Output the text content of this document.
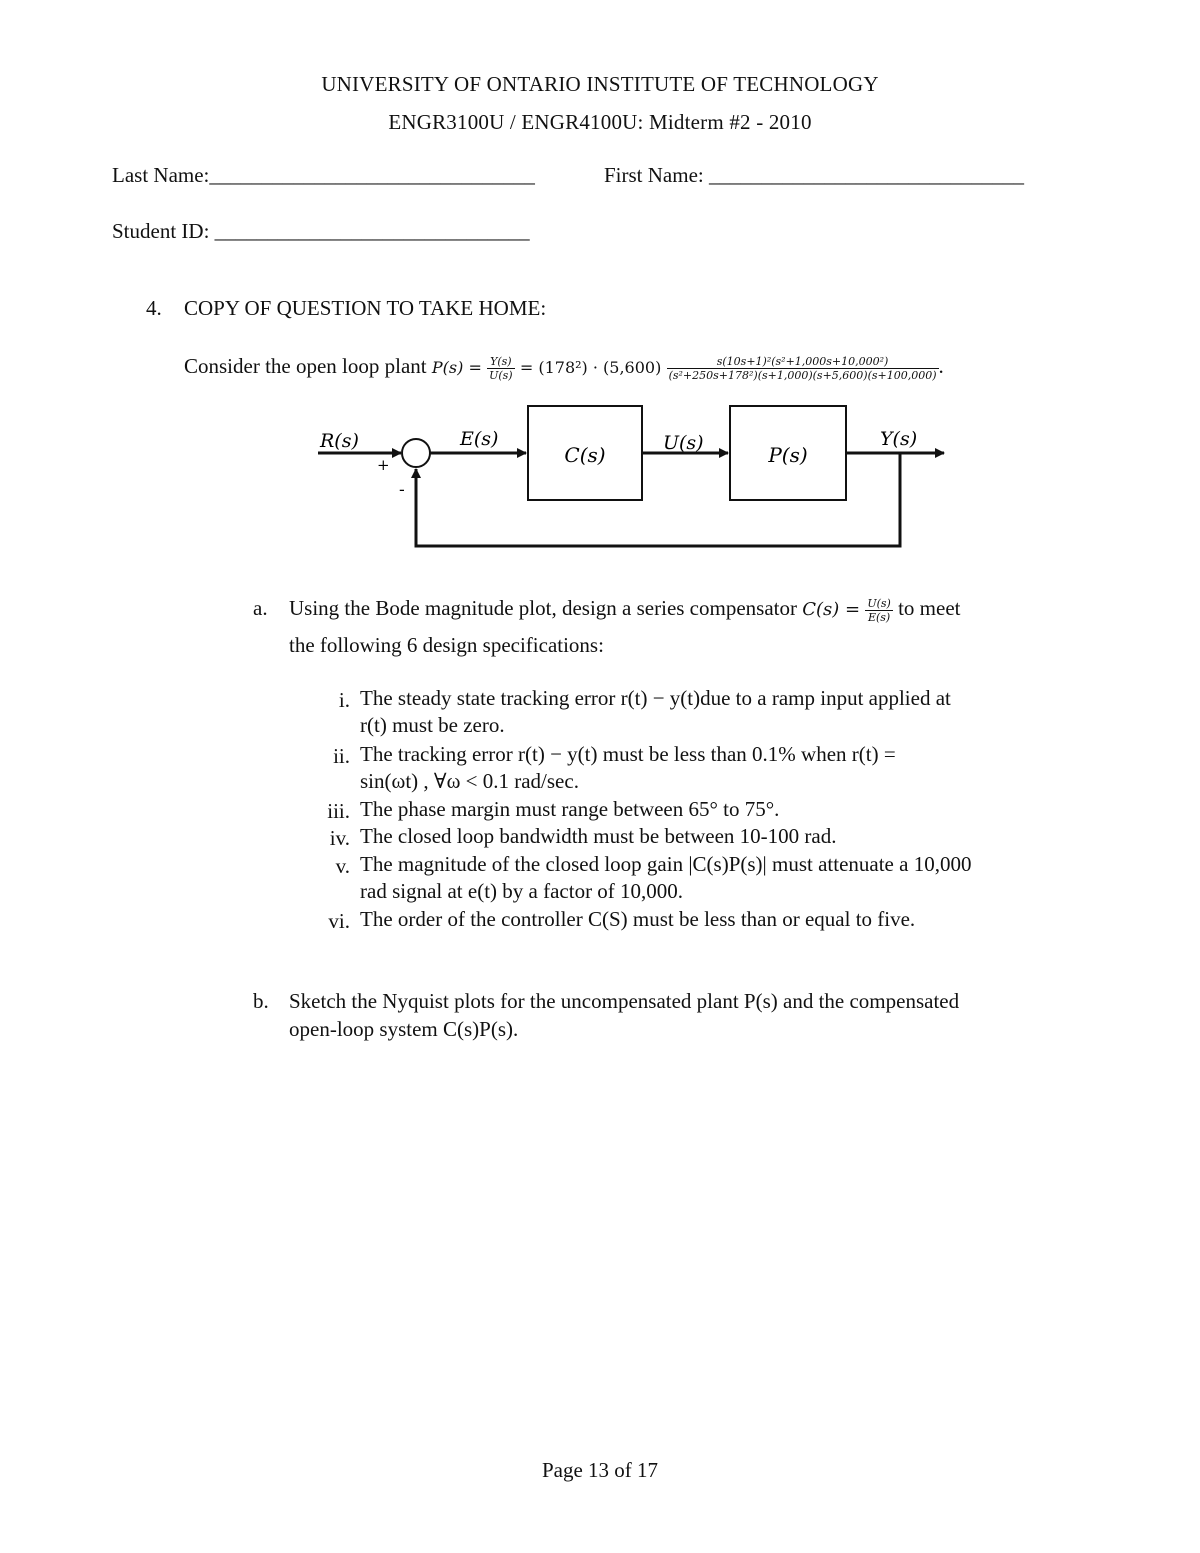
UNIVERSITY OF ONTARIO INSTITUTE OF TECHNOLOGY
ENGR3100U / ENGR4100U: Midterm #2 - 2010
Last Name:_______________________________	First Name: ______________________________
Student ID: ______________________________
4. COPY OF QUESTION TO TAKE HOME:
Consider the open loop plant $P(s) = \frac{Y(s)}{U(s)} = (178^2) \cdot (5,600) \frac{\text{s(10s+1)²(s²+1,000s+10,000²)}}{\text{(s²+250s+178²)(s+1,000)(s+5,600)(s+100,000)}}$ .
R(s)	E(s)	U(s)	Y(s)
C(s)	P(s)
+
-
a. Using the Bode magnitude plot, design a series compensator $C(s) = \frac{U(s)}{E(s)}$ to meet
the following 6 design specifications:
i. The steady state tracking error r(t) − y(t)due to a ramp input applied at
r(t) must be zero.
ii. The tracking error r(t) − y(t) must be less than 0.1% when r(t) =
sin(ωt) , ∀ω < 0.1 rad/sec.
iii. The phase margin must range between 65° to 75°.
iv. The closed loop bandwidth must be between 10-100 rad.
v. The magnitude of the closed loop gain |C(s)P(s)| must attenuate a 10,000
rad signal at e(t) by a factor of 10,000.
vi. The order of the controller C(S) must be less than or equal to five.
b. Sketch the Nyquist plots for the uncompensated plant P(s) and the compensated
open-loop system C(s)P(s).
Page 13 of 17
